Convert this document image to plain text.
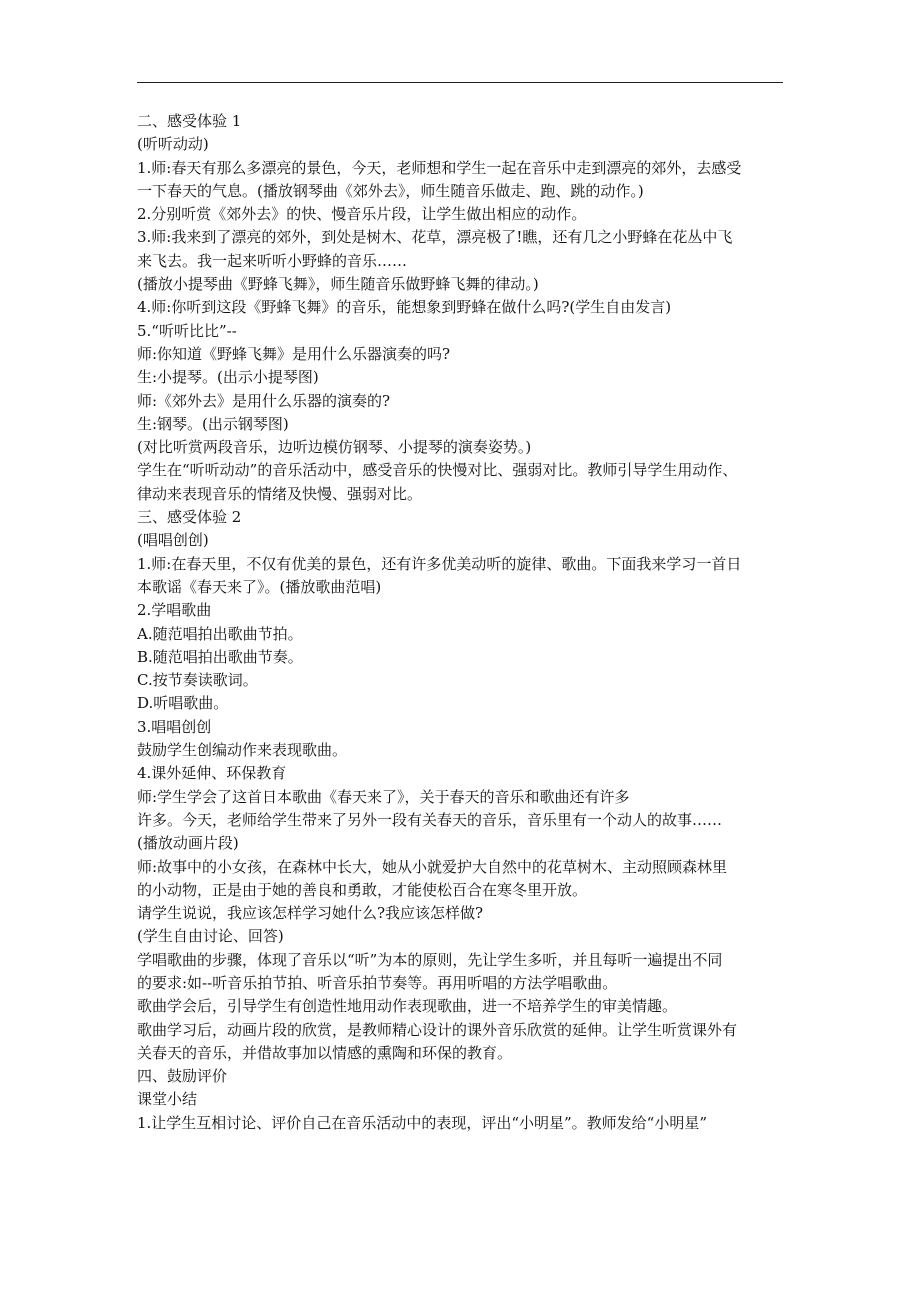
二、感受体验 1
(听听动动)
1.师:春天有那么多漂亮的景色，今天，老师想和学生一起在音乐中走到漂亮的郊外，去感受
一下春天的气息。(播放钢琴曲《郊外去》，师生随音乐做走、跑、跳的动作。)
2.分别听赏《郊外去》的快、慢音乐片段，让学生做出相应的动作。
3.师:我来到了漂亮的郊外，到处是树木、花草，漂亮极了!瞧，还有几之小野蜂在花丛中飞
来飞去。我一起来听听小野蜂的音乐……
(播放小提琴曲《野蜂飞舞》，师生随音乐做野蜂飞舞的律动。)
4.师:你听到这段《野蜂飞舞》的音乐，能想象到野蜂在做什么吗?(学生自由发言)
5.“听听比比”--
师:你知道《野蜂飞舞》是用什么乐器演奏的吗?
生:小提琴。(出示小提琴图)
师:《郊外去》是用什么乐器的演奏的?
生:钢琴。(出示钢琴图)
(对比听赏两段音乐，边听边模仿钢琴、小提琴的演奏姿势。)
学生在“听听动动”的音乐活动中，感受音乐的快慢对比、强弱对比。教师引导学生用动作、
律动来表现音乐的情绪及快慢、强弱对比。
三、感受体验 2
(唱唱创创)
1.师:在春天里，不仅有优美的景色，还有许多优美动听的旋律、歌曲。下面我来学习一首日
本歌谣《春天来了》。(播放歌曲范唱)
2.学唱歌曲
A.随范唱拍出歌曲节拍。
B.随范唱拍出歌曲节奏。
C.按节奏读歌词。
D.听唱歌曲。
3.唱唱创创
鼓励学生创编动作来表现歌曲。
4.课外延伸、环保教育
师:学生学会了这首日本歌曲《春天来了》，关于春天的音乐和歌曲还有许多
许多。今天，老师给学生带来了另外一段有关春天的音乐，音乐里有一个动人的故事……
(播放动画片段)
师:故事中的小女孩，在森林中长大，她从小就爱护大自然中的花草树木、主动照顾森林里
的小动物，正是由于她的善良和勇敢，才能使松百合在寒冬里开放。
请学生说说，我应该怎样学习她什么?我应该怎样做?
(学生自由讨论、回答)
学唱歌曲的步骤，体现了音乐以“听”为本的原则，先让学生多听，并且每听一遍提出不同
的要求:如--听音乐拍节拍、听音乐拍节奏等。再用听唱的方法学唱歌曲。
歌曲学会后，引导学生有创造性地用动作表现歌曲，进一不培养学生的审美情趣。
歌曲学习后，动画片段的欣赏，是教师精心设计的课外音乐欣赏的延伸。让学生听赏课外有
关春天的音乐，并借故事加以情感的熏陶和环保的教育。
四、鼓励评价
课堂小结
1.让学生互相讨论、评价自己在音乐活动中的表现，评出“小明星”。教师发给“小明星”
